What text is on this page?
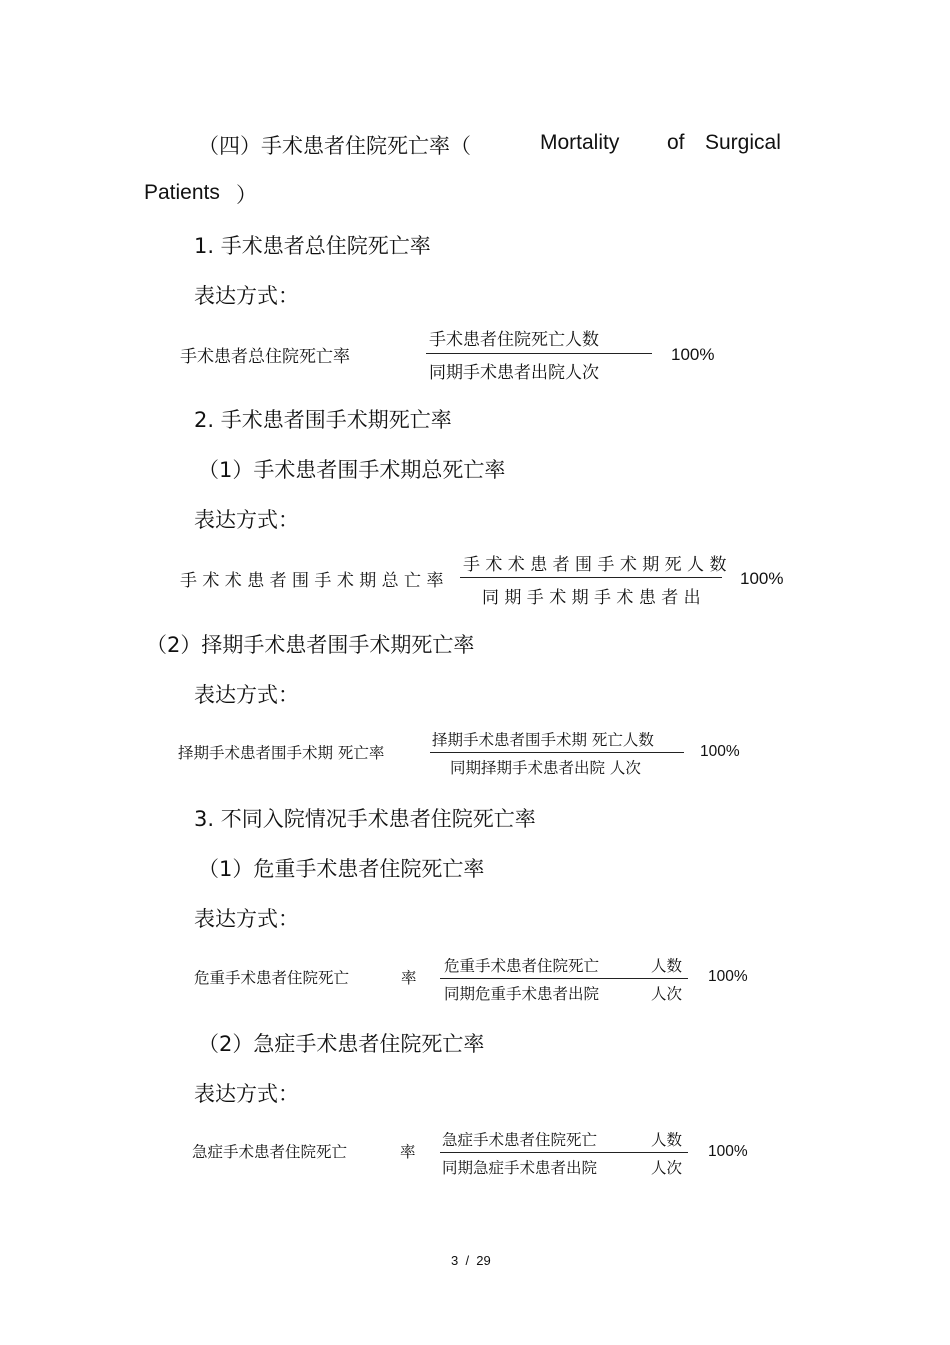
（四）手术患者住院死亡率（	Mortality of Surgical
Patients ）
1. 手术患者总住院死亡率
表达方式：
手术患者总住院死亡率
手术患者住院死亡人数
同期手术患者出院人次
100%
2. 手术患者围手术期死亡率
（1）手术患者围手术期总死亡率
表达方式：
手 术 术 患 者 围 手 术 期 总 亡 率
手 术 术 患 者 围 手 术 期 死 人 数
同 期 手 术 期 手 术 患 者 出
100%
（2）择期手术患者围手术期死亡率
表达方式：
择期手术患者围手术期 死亡率
择期手术患者围手术期 死亡人数
同期择期手术患者出院 人次
100%
3. 不同入院情况手术患者住院死亡率
（1）危重手术患者住院死亡率
表达方式：
危重手术患者住院死亡	率
危重手术患者住院死亡	人数
同期危重手术患者出院	人次
100%
（2）急症手术患者住院死亡率
表达方式：
急症手术患者住院死亡	率
急症手术患者住院死亡	人数
同期急症手术患者出院	人次
100%
3  /  29
